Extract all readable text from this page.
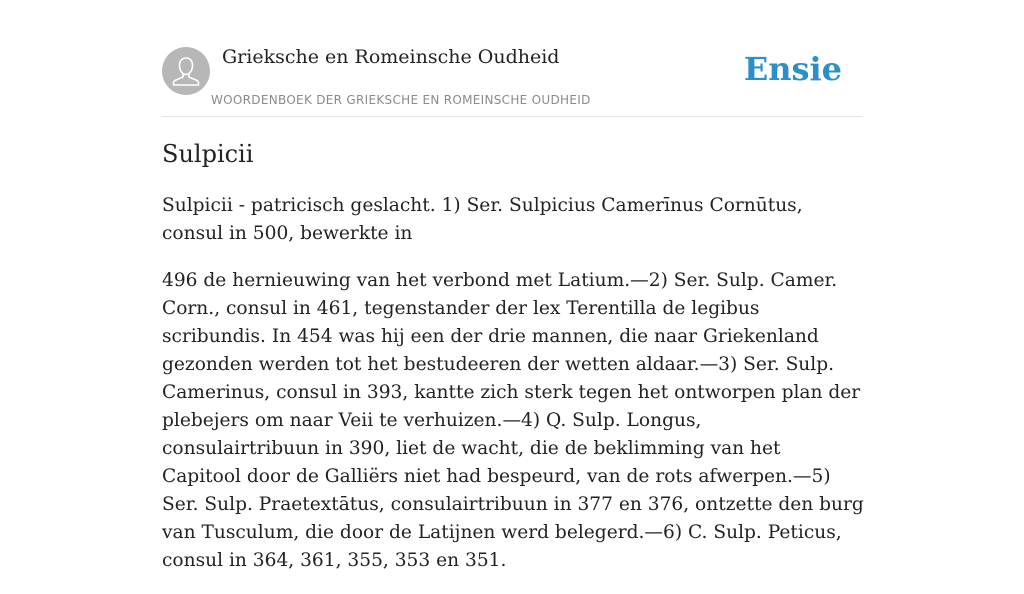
Grieksche en Romeinsche Oudheid
WOORDENBOEK DER GRIEKSCHE EN ROMEINSCHE OUDHEID
Ensie
Sulpicii

Sulpicii - patricisch geslacht. 1) Ser. Sulpicius Camerīnus Cornūtus, consul in 500, bewerkte in

496 de hernieuwing van het verbond met Latium.—2) Ser. Sulp. Camer. Corn., consul in 461, tegenstander der lex Terentilla de legibus scribundis. In 454 was hij een der drie mannen, die naar Griekenland gezonden werden tot het bestudeeren der wetten aldaar.—3) Ser. Sulp. Camerinus, consul in 393, kantte zich sterk tegen het ontworpen plan der plebejers om naar Veii te verhuizen.—4) Q. Sulp. Longus, consulairtribuun in 390, liet de wacht, die de beklimming van het Capitool door de Galliërs niet had bespeurd, van de rots afwerpen.—5) Ser. Sulp. Praetextātus, consulairtribuun in 377 en 376, ontzette den burg van Tusculum, die door de Latijnen werd belegerd.—6) C. Sulp. Peticus, consul in 364, 361, 355, 353 en 351.
